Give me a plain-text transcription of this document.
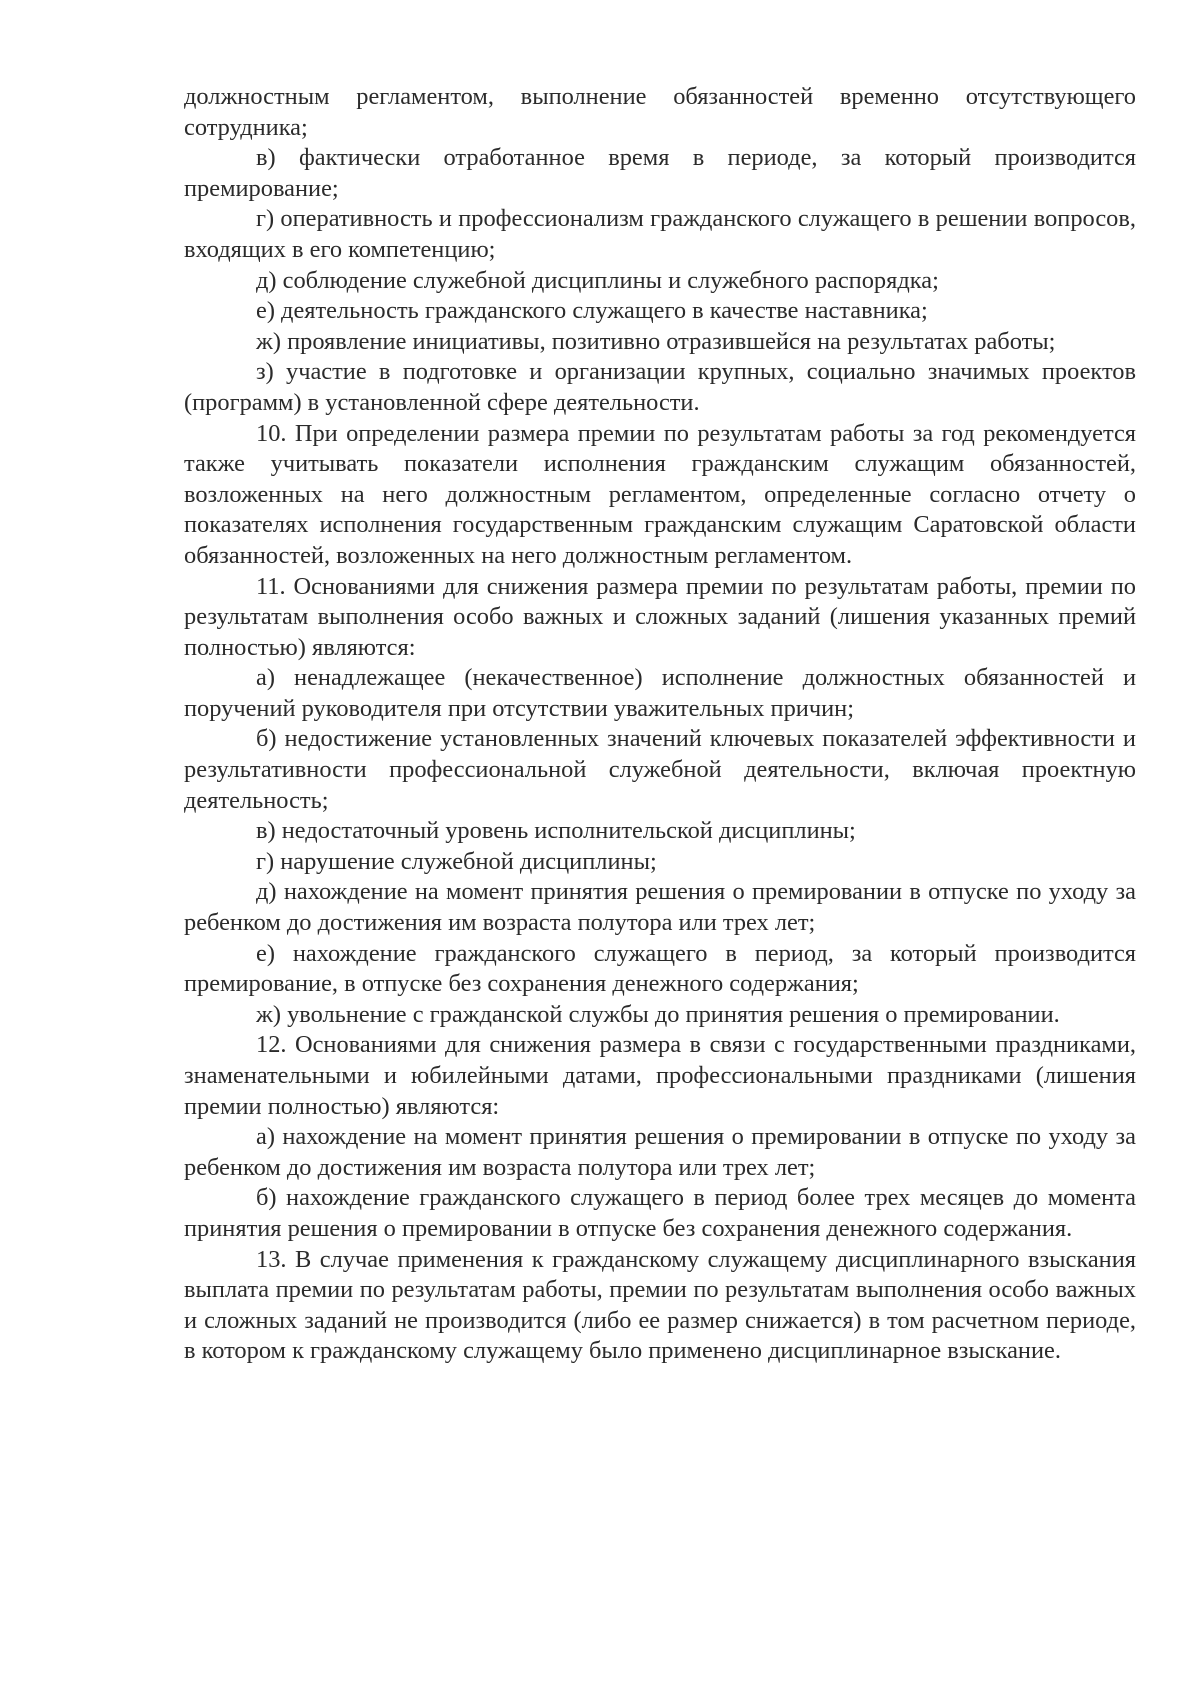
должностным регламентом, выполнение обязанностей временно отсутствующего сотрудника;

в) фактически отработанное время в периоде, за который производится премирование;

г) оперативность и профессионализм гражданского служащего в решении вопросов, входящих в его компетенцию;

д) соблюдение служебной дисциплины и служебного распорядка;

е) деятельность гражданского служащего в качестве наставника;

ж) проявление инициативы, позитивно отразившейся на результатах работы;

з) участие в подготовке и организации крупных, социально значимых проектов (программ) в установленной сфере деятельности.

10. При определении размера премии по результатам работы за год рекомендуется также учитывать показатели исполнения гражданским служащим обязанностей, возложенных на него должностным регламентом, определенные согласно отчету о показателях исполнения государственным гражданским служащим Саратовской области обязанностей, возложенных на него должностным регламентом.

11. Основаниями для снижения размера премии по результатам работы, премии по результатам выполнения особо важных и сложных заданий (лишения указанных премий полностью) являются:

а) ненадлежащее (некачественное) исполнение должностных обязанностей и поручений руководителя при отсутствии уважительных причин;

б) недостижение установленных значений ключевых показателей эффективности и результативности профессиональной служебной деятельности, включая проектную деятельность;

в) недостаточный уровень исполнительской дисциплины;

г) нарушение служебной дисциплины;

д) нахождение на момент принятия решения о премировании в отпуске по уходу за ребенком до достижения им возраста полутора или трех лет;

е) нахождение гражданского служащего в период, за который производится премирование, в отпуске без сохранения денежного содержания;

ж) увольнение с гражданской службы до принятия решения о премировании.

12. Основаниями для снижения размера в связи с государственными праздниками, знаменательными и юбилейными датами, профессиональными праздниками (лишения премии полностью) являются:

а) нахождение на момент принятия решения о премировании в отпуске по уходу за ребенком до достижения им возраста полутора или трех лет;

б) нахождение гражданского служащего в период более трех месяцев до момента принятия решения о премировании в отпуске без сохранения денежного содержания.

13. В случае применения к гражданскому служащему дисциплинарного взыскания выплата премии по результатам работы, премии по результатам выполнения особо важных и сложных заданий не производится (либо ее размер снижается) в том расчетном периоде, в котором к гражданскому служащему было применено дисциплинарное взыскание.
